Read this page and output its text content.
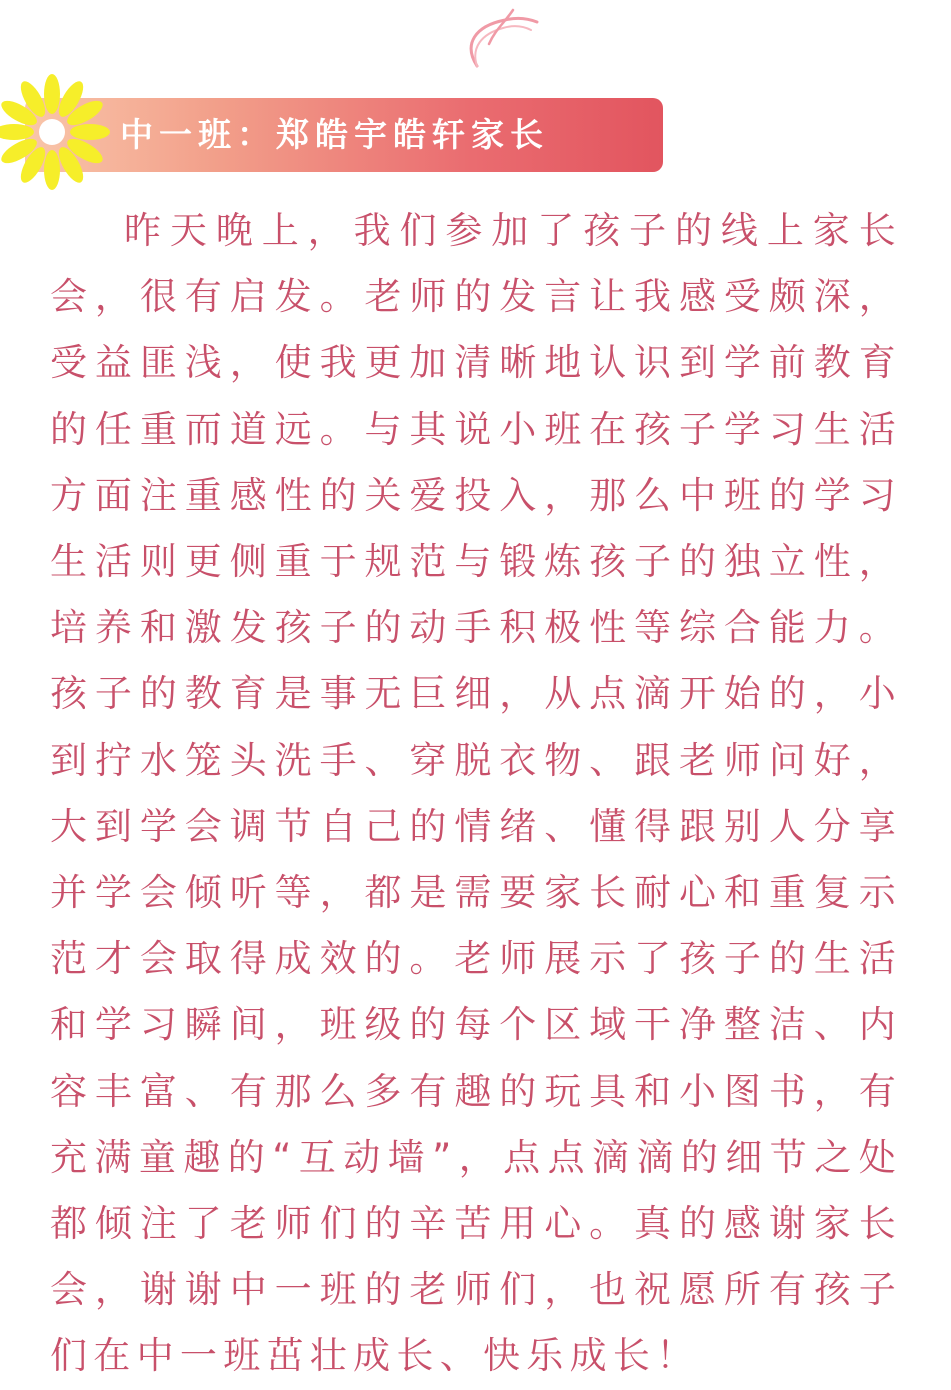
中一班：郑皓宇皓轩家长

昨天晚上，我们参加了孩子的线上家长会，很有启发。老师的发言让我感受颇深，受益匪浅，使我更加清晰地认识到学前教育的任重而道远。与其说小班在孩子学习生活方面注重感性的关爱投入，那么中班的学习生活则更侧重于规范与锻炼孩子的独立性，培养和激发孩子的动手积极性等综合能力。孩子的教育是事无巨细，从点滴开始的，小到拧水笼头洗手、穿脱衣物、跟老师问好，大到学会调节自己的情绪、懂得跟别人分享并学会倾听等，都是需要家长耐心和重复示范才会取得成效的。老师展示了孩子的生活和学习瞬间，班级的每个区域干净整洁、内容丰富、有那么多有趣的玩具和小图书，有充满童趣的“互动墙”，点点滴滴的细节之处都倾注了老师们的辛苦用心。真的感谢家长会，谢谢中一班的老师们，也祝愿所有孩子们在中一班茁壮成长、快乐成长！
